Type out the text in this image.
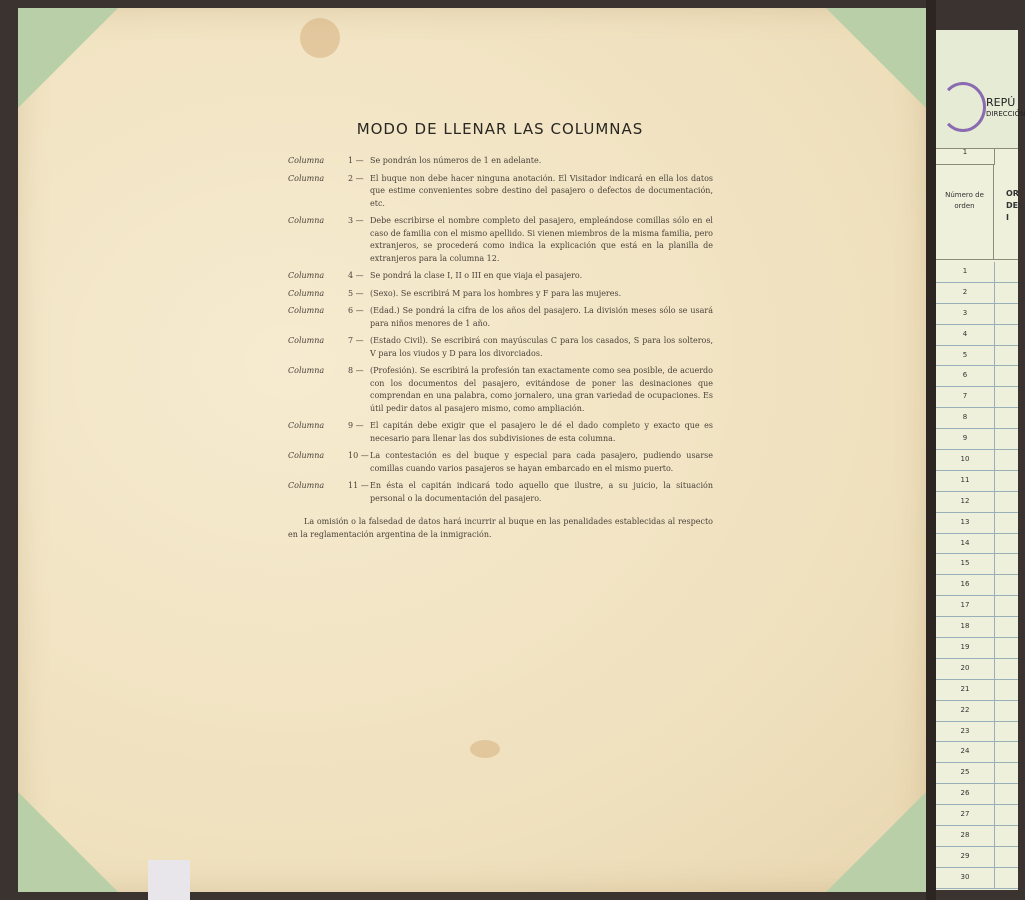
MODO DE LLENAR LAS COLUMNAS
Columna	1 — Se pondrán los números de 1 en adelante.
Columna	2 — El buque non debe hacer ninguna anotación. El Visitador indicará en ella los datos que estime convenientes sobre destino del pasajero o defectos de documentación, etc.
Columna	3 — Debe escribirse el nombre completo del pasajero, empleándose comillas sólo en el caso de familia con el mismo apellido. Si vienen miembros de la misma familia, pero extranjeros, se procederá como indica la explicación que está en la planilla de extranjeros para la columna 12.
Columna	4 — Se pondrá la clase I, II o III en que viaja el pasajero.
Columna	5 — (Sexo). Se escribirá M para los hombres y F para las mujeres.
Columna	6 — (Edad.) Se pondrá la cifra de los años del pasajero. La división meses sólo se usará para niños menores de 1 año.
Columna	7 — (Estado Civil). Se escribirá con mayúsculas C para los casados, S para los solteros, V para los viudos y D para los divorciados.
Columna	8 — (Profesión). Se escribirá la profesión tan exactamente como sea posible, de acuerdo con los documentos del pasajero, evitándose de poner las desinaciones que comprendan en una palabra, como jornalero, una gran variedad de ocupaciones. Es útil pedir datos al pasajero mismo, como ampliación.
Columna	9 — El capitán debe exigir que el pasajero le dé el dado completo y exacto que es necesario para llenar las dos subdivisiones de esta columna.
Columna	10 — La contestación es del buque y especial para cada pasajero, pudiendo usarse comillas cuando varios pasajeros se hayan embarcado en el mismo puerto.
Columna	11 — En ésta el capitán indicará todo aquello que ilustre, a su juicio, la situación personal o la documentación del pasajero.
La omisión o la falsedad de datos hará incurrir al buque en las penalidades establecidas al respecto en la reglamentación argentina de la inmigración.
REPÚ
DIRECCIÓN
1
Número de orden
OR DEL I
1
2
3
4
5
6
7
8
9
10
11
12
13
14
15
16
17
18
19
20
21
22
23
24
25
26
27
28
29
30
